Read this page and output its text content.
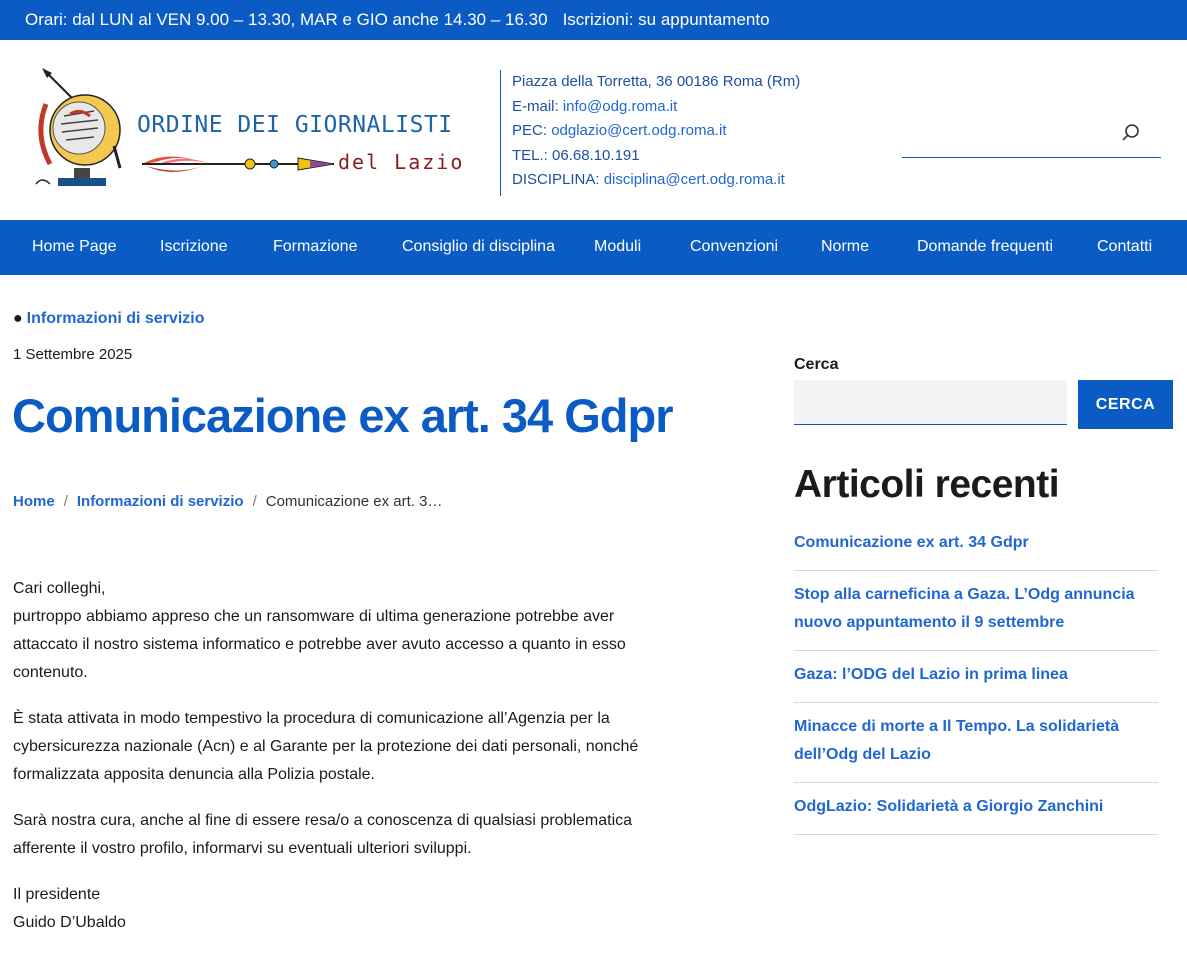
Orari: dal LUN al VEN 9.00 – 13.30, MAR e GIO anche 14.30 – 16.30 Iscrizioni: su appuntamento
ORDINE DEI GIORNALISTI
del Lazio
Piazza della Torretta, 36 00186 Roma (Rm)
E-mail: info@odg.roma.it
PEC: odglazio@cert.odg.roma.it
TEL.: 06.68.10.191
DISCIPLINA: disciplina@cert.odg.roma.it
Home Page	Iscrizione	Formazione	Consiglio di disciplina Moduli	Convenzioni	Norme	Domande frequenti	Contatti
● Informazioni di servizio
1 Settembre 2025
Comunicazione ex art. 34 Gdpr
Home / Informazioni di servizio / Comunicazione ex art. 3…

Cari colleghi,
purtroppo abbiamo appreso che un ransomware di ultima generazione potrebbe aver attaccato il nostro sistema informatico e potrebbe aver avuto accesso a quanto in esso contenuto.

È stata attivata in modo tempestivo la procedura di comunicazione all’Agenzia per la cybersicurezza nazionale (Acn) e al Garante per la protezione dei dati personali, nonché formalizzata apposita denuncia alla Polizia postale.

Sarà nostra cura, anche al fine di essere resa/o a conoscenza di qualsiasi problematica afferente il vostro profilo, informarvi su eventuali ulteriori sviluppi.

Il presidente
Guido D’Ubaldo

Cerca
CERCA
Articoli recenti
Comunicazione ex art. 34 Gdpr
Stop alla carneficina a Gaza. L’Odg annuncia nuovo appuntamento il 9 settembre
Gaza: l’ODG del Lazio in prima linea
Minacce di morte a Il Tempo. La solidarietà dell’Odg del Lazio
OdgLazio: Solidarietà a Giorgio Zanchini
